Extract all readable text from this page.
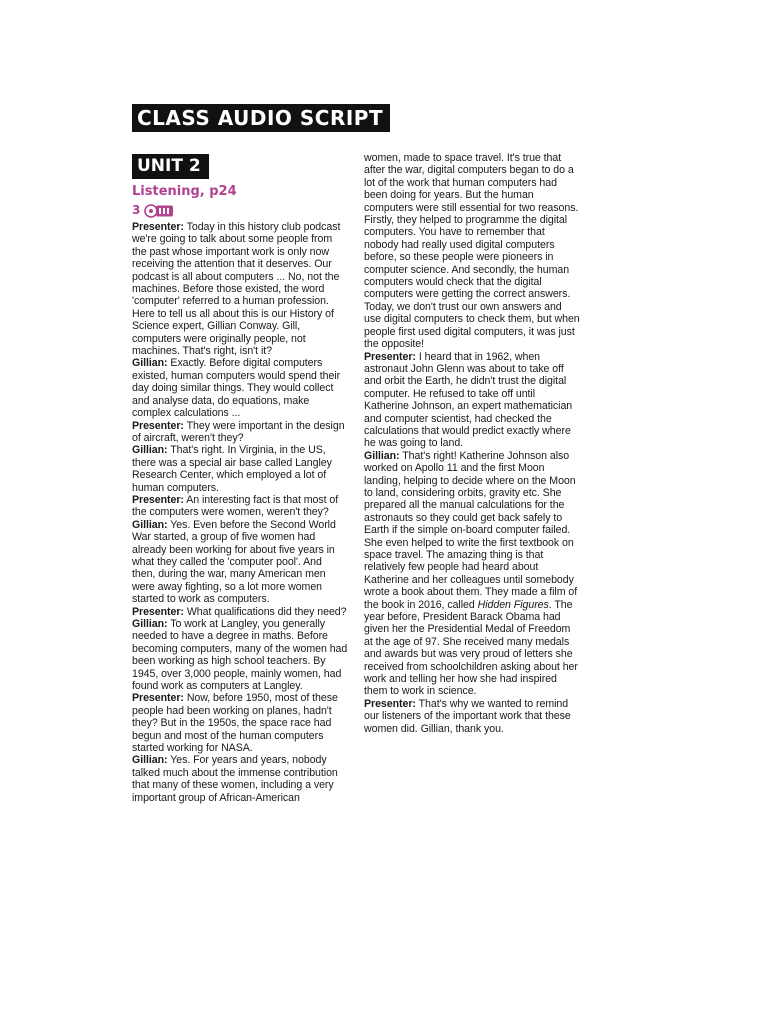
CLASS AUDIO SCRIPT
UNIT 2
Listening, p24
3

Presenter: Today in this history club podcast we're going to talk about some people from the past whose important work is only now receiving the attention that it deserves. Our podcast is all about computers ... No, not the machines. Before those existed, the word 'computer' referred to a human profession. Here to tell us all about this is our History of Science expert, Gillian Conway. Gill, computers were originally people, not machines. That's right, isn't it?

Gillian: Exactly. Before digital computers existed, human computers would spend their day doing similar things. They would collect and analyse data, do equations, make complex calculations ...

Presenter: They were important in the design of aircraft, weren't they?

Gillian: That's right. In Virginia, in the US, there was a special air base called Langley Research Center, which employed a lot of human computers.

Presenter: An interesting fact is that most of the computers were women, weren't they?

Gillian: Yes. Even before the Second World War started, a group of five women had already been working for about five years in what they called the 'computer pool'. And then, during the war, many American men were away fighting, so a lot more women started to work as computers.

Presenter: What qualifications did they need?

Gillian: To work at Langley, you generally needed to have a degree in maths. Before becoming computers, many of the women had been working as high school teachers. By 1945, over 3,000 people, mainly women, had found work as computers at Langley.

Presenter: Now, before 1950, most of these people had been working on planes, hadn't they? But in the 1950s, the space race had begun and most of the human computers started working for NASA.

Gillian: Yes. For years and years, nobody talked much about the immense contribution that many of these women, including a very important group of African-American

women, made to space travel. It's true that after the war, digital computers began to do a lot of the work that human computers had been doing for years. But the human computers were still essential for two reasons. Firstly, they helped to programme the digital computers. You have to remember that nobody had really used digital computers before, so these people were pioneers in computer science. And secondly, the human computers would check that the digital computers were getting the correct answers. Today, we don't trust our own answers and use digital computers to check them, but when people first used digital computers, it was just the opposite!

Presenter: I heard that in 1962, when astronaut John Glenn was about to take off and orbit the Earth, he didn't trust the digital computer. He refused to take off until Katherine Johnson, an expert mathematician and computer scientist, had checked the calculations that would predict exactly where he was going to land.

Gillian: That's right! Katherine Johnson also worked on Apollo 11 and the first Moon landing, helping to decide where on the Moon to land, considering orbits, gravity etc. She prepared all the manual calculations for the astronauts so they could get back safely to Earth if the simple on-board computer failed. She even helped to write the first textbook on space travel. The amazing thing is that relatively few people had heard about Katherine and her colleagues until somebody wrote a book about them. They made a film of the book in 2016, called Hidden Figures. The year before, President Barack Obama had given her the Presidential Medal of Freedom at the age of 97. She received many medals and awards but was very proud of letters she received from schoolchildren asking about her work and telling her how she had inspired them to work in science.

Presenter: That's why we wanted to remind our listeners of the important work that these women did. Gillian, thank you.
